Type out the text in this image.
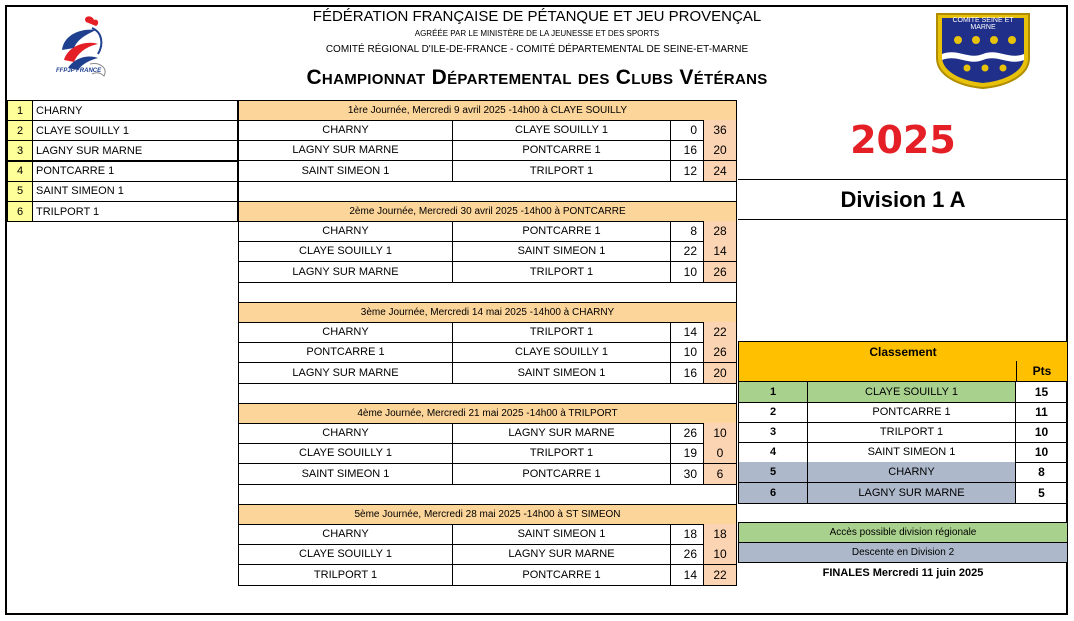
FÉDÉRATION FRANÇAISE DE PÉTANQUE ET JEU PROVENÇAL
AGRÉÉE PAR LE MINISTÈRE DE LA JEUNESSE ET DES SPORTS
COMITÉ RÉGIONAL D'ILE-DE-FRANCE - COMITÉ DÉPARTEMENTAL DE SEINE-ET-MARNE
Championnat Départemental des Clubs Vétérans
FFPJP FRANCE
COMITE SEINE ET MARNE
FFPJP
1	CHARNY
2	CLAYE SOUILLY 1
3	LAGNY SUR MARNE
4	PONTCARRE 1
5	SAINT SIMEON 1
6	TRILPORT 1
1ère Journée, Mercredi 9 avril 2025 -14h00 à CLAYE SOUILLY
CHARNY	CLAYE SOUILLY 1	0	36
LAGNY SUR MARNE	PONTCARRE 1	16	20
SAINT SIMEON 1	TRILPORT 1	12	24
2ème Journée, Mercredi 30 avril 2025 -14h00 à PONTCARRE
CHARNY	PONTCARRE 1	8	28
CLAYE SOUILLY 1	SAINT SIMEON 1	22	14
LAGNY SUR MARNE	TRILPORT 1	10	26
3ème Journée, Mercredi 14 mai 2025 -14h00 à CHARNY
CHARNY	TRILPORT 1	14	22
PONTCARRE 1	CLAYE SOUILLY 1	10	26
LAGNY SUR MARNE	SAINT SIMEON 1	16	20
4ème Journée, Mercredi 21 mai 2025 -14h00 à TRILPORT
CHARNY	LAGNY SUR MARNE	26	10
CLAYE SOUILLY 1	TRILPORT 1	19	0
SAINT SIMEON 1	PONTCARRE 1	30	6
5ème Journée, Mercredi 28 mai 2025 -14h00 à ST SIMEON
CHARNY	SAINT SIMEON 1	18	18
CLAYE SOUILLY 1	LAGNY SUR MARNE	26	10
TRILPORT 1	PONTCARRE 1	14	22
2025
Division 1 A
Classement
Pts
1	CLAYE SOUILLY 1	15
2	PONTCARRE 1	11
3	TRILPORT 1	10
4	SAINT SIMEON 1	10
5	CHARNY	8
6	LAGNY SUR MARNE	5
Accès possible division régionale
Descente en Division 2
FINALES Mercredi 11 juin 2025
